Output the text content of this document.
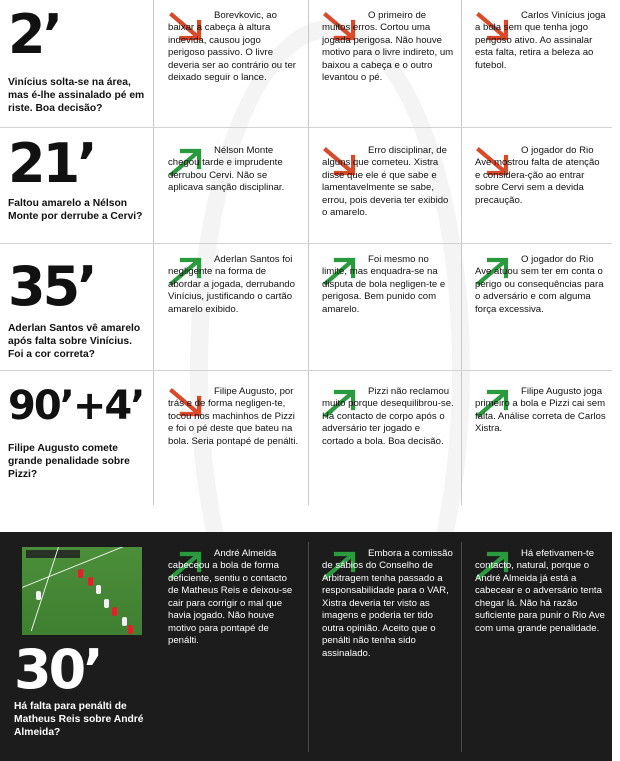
2’
Vinícius solta-se na área, mas é-lhe assinalado pé em riste. Boa decisão?
Borevkovic, ao baixar a cabeça à altura indevida, causou jogo perigoso passivo. O livre deveria ser ao contrário ou ter deixado seguir o lance.
O primeiro de muitos erros. Cortou uma jogada perigosa. Não houve motivo para o livre indireto, um baixou a cabeça e o outro levantou o pé.
Carlos Vinícius joga a bola sem que tenha jogo perigoso ativo. Ao assinalar esta falta, retira a beleza ao futebol.
21’
Faltou amarelo a Nélson Monte por derrube a Cervi?
Nélson Monte chegou tarde e imprudente derrubou Cervi. Não se aplicava sanção disciplinar.
Erro disciplinar, de alguns que cometeu. Xistra disse que ele é que sabe e lamentavelmente se sabe, errou, pois deveria ter exibido o amarelo.
O jogador do Rio Ave mostrou falta de atenção e considera-ção ao entrar sobre Cervi sem a devida precaução.
35’
Aderlan Santos vê amarelo após falta sobre Vinícius. Foi a cor correta?
Aderlan Santos foi negligente na forma de abordar a jogada, derrubando Vinícius, justificando o cartão amarelo exibido.
Foi mesmo no limite, mas enquadra-se na disputa de bola negligen-te e perigosa. Bem punido com amarelo.
O jogador do Rio Ave atuou sem ter em conta o perigo ou consequências para o adversário e com alguma força excessiva.
90’+4’
Filipe Augusto comete grande penalidade sobre Pizzi?
Filipe Augusto, por trás e de forma negligen-te, tocou nos machinhos de Pizzi e foi o pé deste que bateu na bola. Seria pontapé de penálti.
Pizzi não reclamou muito porque desequilibrou-se. Há contacto de corpo após o adversário ter jogado e cortado a bola. Boa decisão.
Filipe Augusto joga primeiro a bola e Pizzi cai sem falta. Análise correta de Carlos Xistra.
30’
Há falta para penálti de Matheus Reis sobre André Almeida?
André Almeida cabeceou a bola de forma deficiente, sentiu o contacto de Matheus Reis e deixou-se cair para corrigir o mal que havia jogado. Não houve motivo para pontapé de penálti.
Embora a comissão de sábios do Conselho de Arbitragem tenha passado a responsabilidade para o VAR, Xistra deveria ter visto as imagens e poderia ter tido outra opinião. Aceito que o penálti não tenha sido assinalado.
Há efetivamen-te contacto, natural, porque o André Almeida já está a cabecear e o adversário tenta chegar lá. Não há razão suficiente para punir o Rio Ave com uma grande penalidade.
